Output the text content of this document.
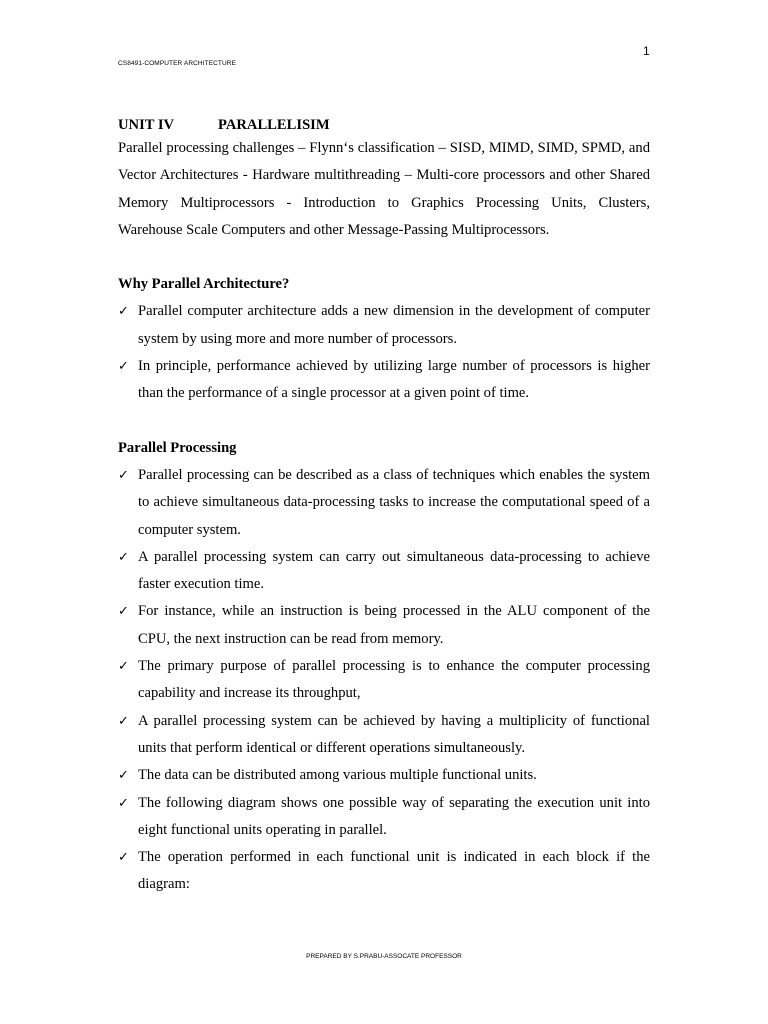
1
CS8491-COMPUTER ARCHITECTURE
UNIT IV	PARALLELISIM

Parallel processing challenges – Flynn‘s classification – SISD, MIMD, SIMD, SPMD, and Vector Architectures - Hardware multithreading – Multi-core processors and other Shared Memory Multiprocessors - Introduction to Graphics Processing Units, Clusters, Warehouse Scale Computers and other Message-Passing Multiprocessors.

Why Parallel Architecture?
✓ Parallel computer architecture adds a new dimension in the development of computer system by using more and more number of processors.
✓ In principle, performance achieved by utilizing large number of processors is higher than the performance of a single processor at a given point of time.
Parallel Processing
✓ Parallel processing can be described as a class of techniques which enables the system to achieve simultaneous data-processing tasks to increase the computational speed of a computer system.
✓ A parallel processing system can carry out simultaneous data-processing to achieve faster execution time.
✓ For instance, while an instruction is being processed in the ALU component of the CPU, the next instruction can be read from memory.
✓ The primary purpose of parallel processing is to enhance the computer processing capability and increase its throughput,
✓ A parallel processing system can be achieved by having a multiplicity of functional units that perform identical or different operations simultaneously.
✓ The data can be distributed among various multiple functional units.
✓ The following diagram shows one possible way of separating the execution unit into eight functional units operating in parallel.
✓ The operation performed in each functional unit is indicated in each block if the diagram:
PREPARED BY S.PRABU-ASSOCATE PROFESSOR
